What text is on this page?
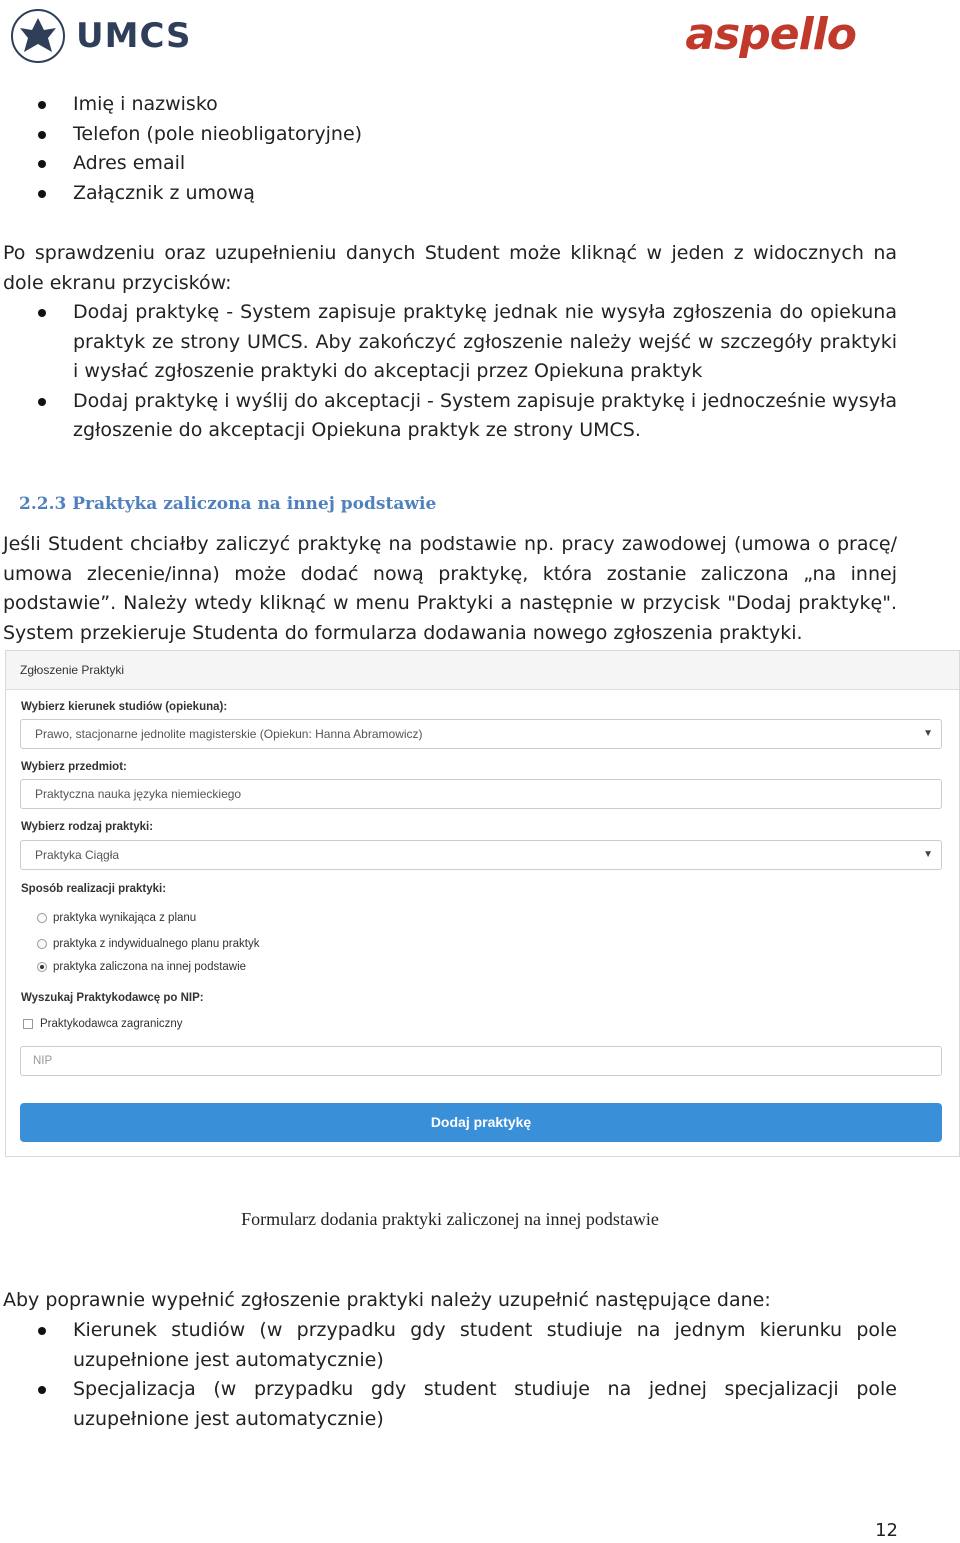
UMCS	aspello
Imię i nazwisko
Telefon (pole nieobligatoryjne)
Adres email
Załącznik z umową
Po sprawdzeniu oraz uzupełnieniu danych Student może kliknąć w jeden z widocznych na dole ekranu przycisków:
Dodaj praktykę - System zapisuje praktykę jednak nie wysyła zgłoszenia do opiekuna praktyk ze strony UMCS. Aby zakończyć zgłoszenie należy wejść w szczegóły praktyki i wysłać zgłoszenie praktyki do akceptacji przez Opiekuna praktyk
Dodaj praktykę i wyślij do akceptacji - System zapisuje praktykę i jednocześnie wysyła zgłoszenie do akceptacji Opiekuna praktyk ze strony UMCS.
2.2.3 Praktyka zaliczona na innej podstawie
Jeśli Student chciałby zaliczyć praktykę na podstawie np. pracy zawodowej (umowa o pracę/ umowa zlecenie/inna) może dodać nową praktykę, która zostanie zaliczona „na innej podstawie”. Należy wtedy kliknąć w menu Praktyki a następnie w przycisk "Dodaj praktykę". System przekieruje Studenta do formularza dodawania nowego zgłoszenia praktyki.
Zgłoszenie Praktyki
Wybierz kierunek studiów (opiekuna):
Prawo, stacjonarne jednolite magisterskie (Opiekun: Hanna Abramowicz)	▼
Wybierz przedmiot:
Praktyczna nauka języka niemieckiego
Wybierz rodzaj praktyki:
Praktyka Ciągła	▼
Sposób realizacji praktyki:
praktyka wynikająca z planu
praktyka z indywidualnego planu praktyk
praktyka zaliczona na innej podstawie
Wyszukaj Praktykodawcę po NIP:
Praktykodawca zagraniczny
NIP
Dodaj praktykę
Formularz dodania praktyki zaliczonej na innej podstawie
Aby poprawnie wypełnić zgłoszenie praktyki należy uzupełnić następujące dane:
Kierunek studiów (w przypadku gdy student studiuje na jednym kierunku pole uzupełnione jest automatycznie)
Specjalizacja (w przypadku gdy student studiuje na jednej specjalizacji pole uzupełnione jest automatycznie)
12
